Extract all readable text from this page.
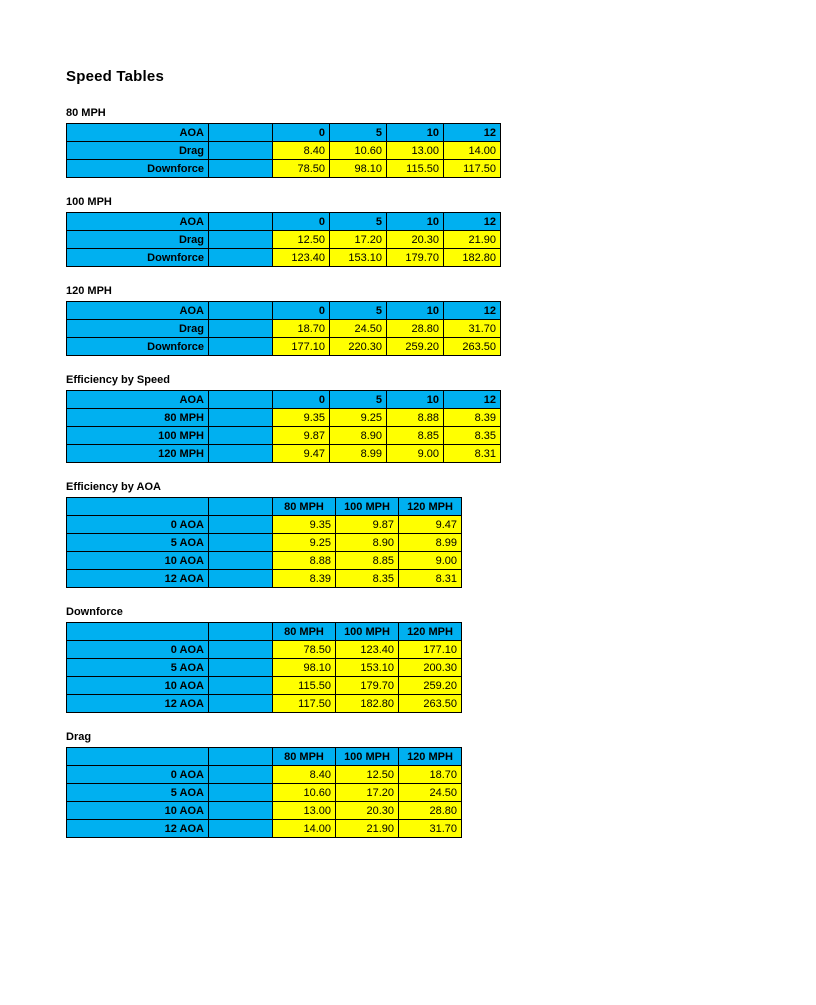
Speed Tables
80 MPH
AOA		0	5	10	12
Drag		8.40	10.60	13.00	14.00
Downforce		78.50	98.10	115.50	117.50
100 MPH
AOA		0	5	10	12
Drag		12.50	17.20	20.30	21.90
Downforce		123.40	153.10	179.70	182.80
120 MPH
AOA		0	5	10	12
Drag		18.70	24.50	28.80	31.70
Downforce		177.10	220.30	259.20	263.50
Efficiency by Speed
AOA		0	5	10	12
80 MPH		9.35	9.25	8.88	8.39
100 MPH		9.87	8.90	8.85	8.35
120 MPH		9.47	8.99	9.00	8.31
Efficiency by AOA
		80 MPH	100 MPH	120 MPH
0 AOA		9.35	9.87	9.47
5 AOA		9.25	8.90	8.99
10 AOA		8.88	8.85	9.00
12 AOA		8.39	8.35	8.31
Downforce
		80 MPH	100 MPH	120 MPH
0 AOA		78.50	123.40	177.10
5 AOA		98.10	153.10	200.30
10 AOA		115.50	179.70	259.20
12 AOA		117.50	182.80	263.50
Drag
		80 MPH	100 MPH	120 MPH
0 AOA		8.40	12.50	18.70
5 AOA		10.60	17.20	24.50
10 AOA		13.00	20.30	28.80
12 AOA		14.00	21.90	31.70
